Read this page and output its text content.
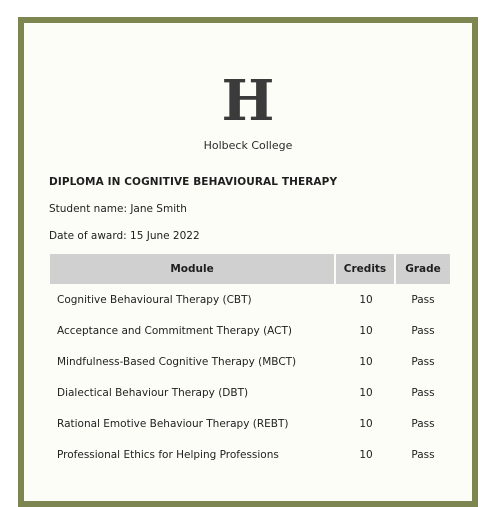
H
Holbeck College
DIPLOMA IN COGNITIVE BEHAVIOURAL THERAPY
Student name: Jane Smith
Date of award: 15 June 2022
Module	Credits	Grade
Cognitive Behavioural Therapy (CBT)	10	Pass
Acceptance and Commitment Therapy (ACT)	10	Pass
Mindfulness-Based Cognitive Therapy (MBCT)	10	Pass
Dialectical Behaviour Therapy (DBT)	10	Pass
Rational Emotive Behaviour Therapy (REBT)	10	Pass
Professional Ethics for Helping Professions	10	Pass
